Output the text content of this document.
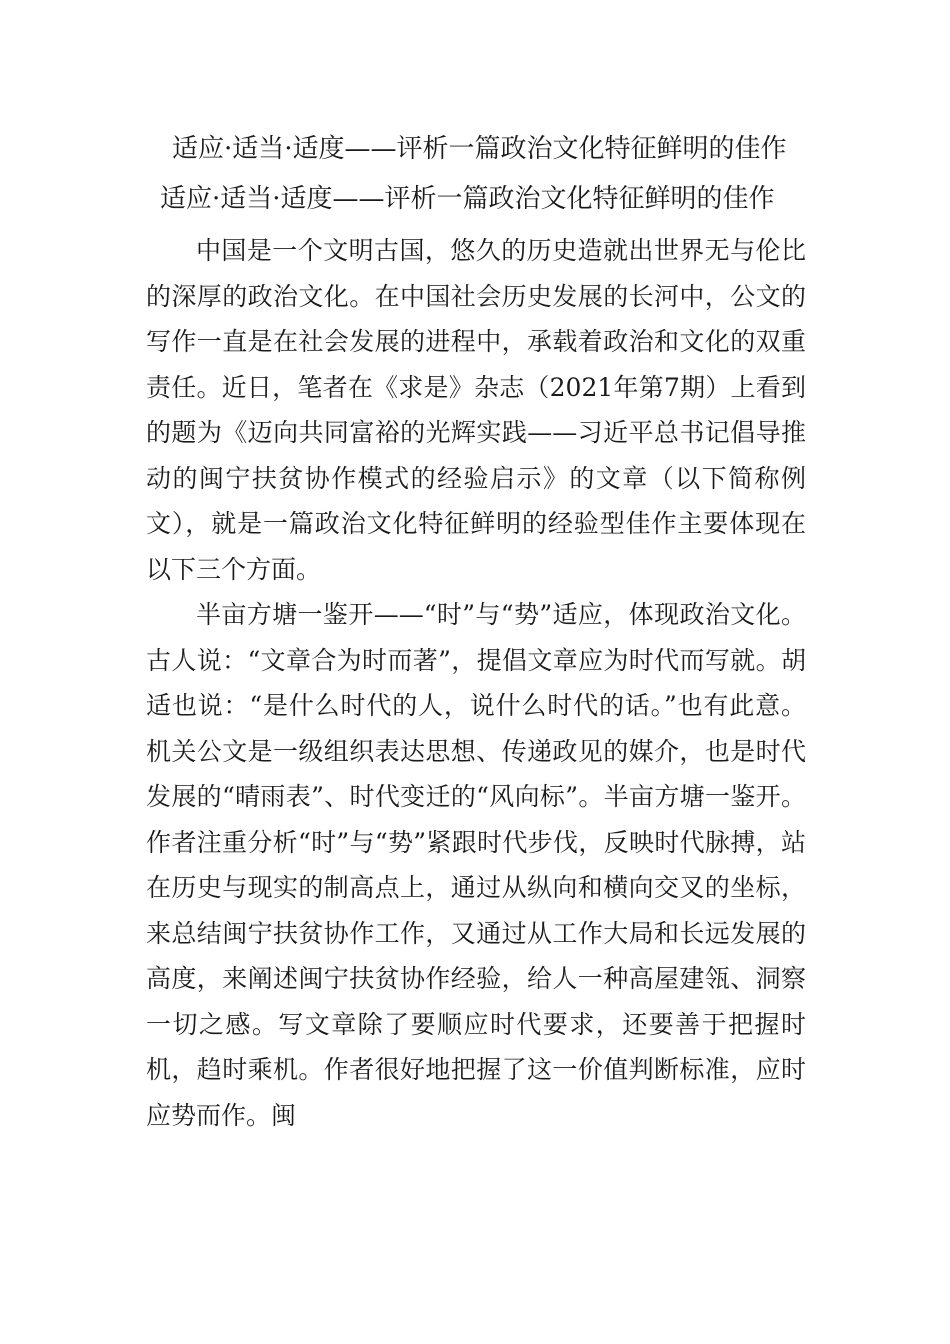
适应·适当·适度——评析一篇政治文化特征鲜明的佳作
适应·适当·适度——评析一篇政治文化特征鲜明的佳作

中国是一个文明古国，悠久的历史造就出世界无与伦比的深厚的政治文化。在中国社会历史发展的长河中，公文的写作一直是在社会发展的进程中，承载着政治和文化的双重责任。近日，笔者在《求是》杂志（2021年第7期）上看到的题为《迈向共同富裕的光辉实践——习近平总书记倡导推动的闽宁扶贫协作模式的经验启示》的文章（以下简称例文），就是一篇政治文化特征鲜明的经验型佳作主要体现在以下三个方面。

半亩方塘一鉴开——“时”与“势”适应，体现政治文化。古人说：“文章合为时而著”，提倡文章应为时代而写就。胡适也说：“是什么时代的人，说什么时代的话。”也有此意。机关公文是一级组织表达思想、传递政见的媒介，也是时代发展的“晴雨表”、时代变迁的“风向标”。半亩方塘一鉴开。作者注重分析“时”与“势”紧跟时代步伐，反映时代脉搏，站在历史与现实的制高点上，通过从纵向和横向交叉的坐标，来总结闽宁扶贫协作工作，又通过从工作大局和长远发展的高度，来阐述闽宁扶贫协作经验，给人一种高屋建瓴、洞察一切之感。写文章除了要顺应时代要求，还要善于把握时机，趋时乘机。作者很好地把握了这一价值判断标准，应时应势而作。闽
